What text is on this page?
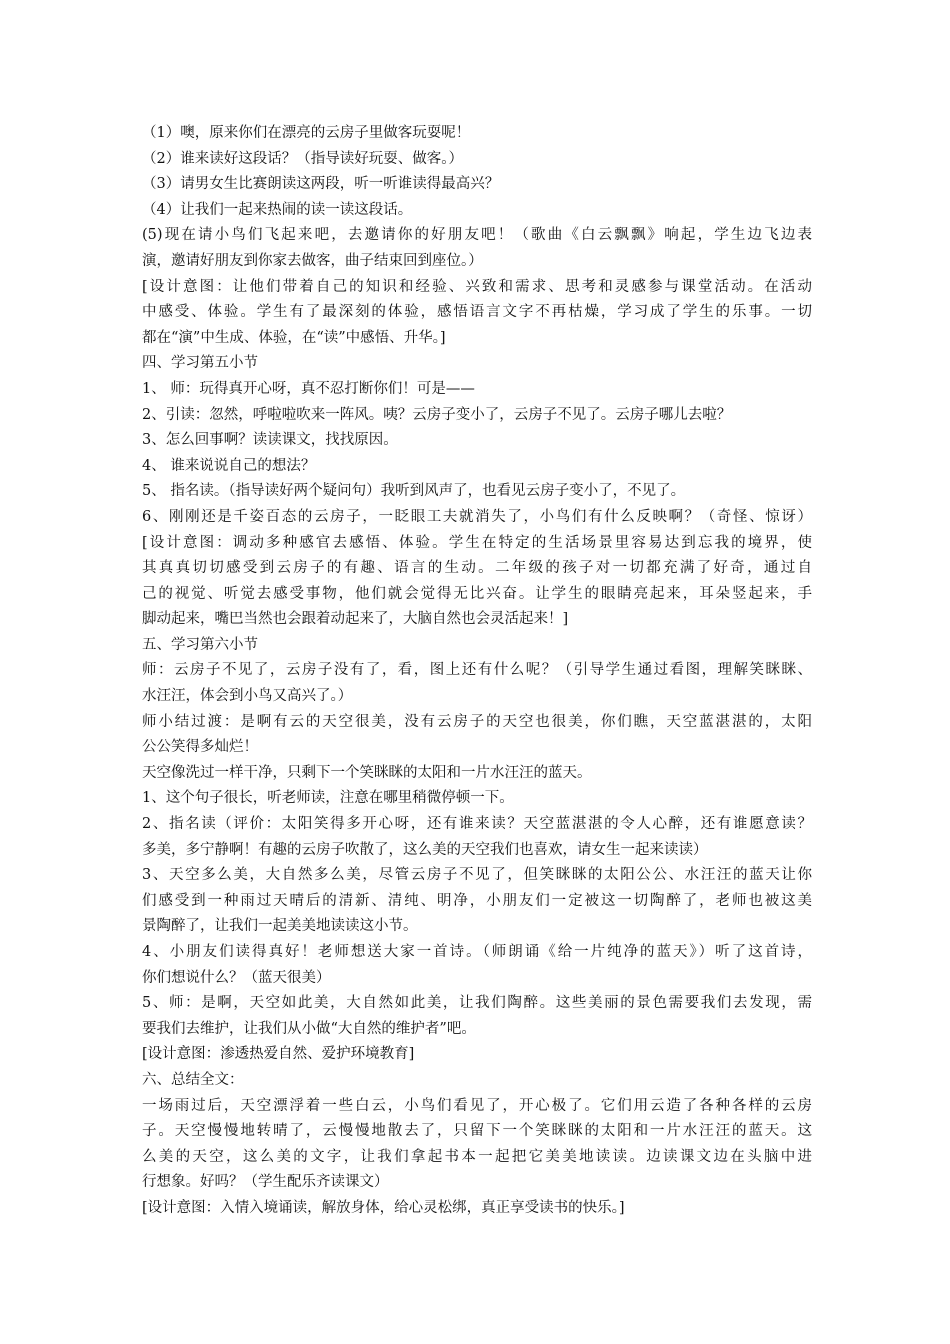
（1）噢，原来你们在漂亮的云房子里做客玩耍呢！
（2）谁来读好这段话？（指导读好玩耍、做客。）
（3）请男女生比赛朗读这两段，听一听谁读得最高兴？
（4）让我们一起来热闹的读一读这段话。
(5)现在请小鸟们飞起来吧，去邀请你的好朋友吧！（歌曲《白云飘飘》响起，学生边飞边表
演，邀请好朋友到你家去做客，曲子结束回到座位。）
[设计意图：让他们带着自己的知识和经验、兴致和需求、思考和灵感参与课堂活动。在活动
中感受、体验。学生有了最深刻的体验，感悟语言文字不再枯燥，学习成了学生的乐事。一切
都在“演”中生成、体验，在“读”中感悟、升华。]
四、学习第五小节
1、 师：玩得真开心呀，真不忍打断你们！可是——
2、引读：忽然，呼啦啦吹来一阵风。咦？云房子变小了，云房子不见了。云房子哪儿去啦？
3、怎么回事啊？读读课文，找找原因。
4、 谁来说说自己的想法？
5、 指名读。（指导读好两个疑问句）我听到风声了，也看见云房子变小了，不见了。
6、刚刚还是千姿百态的云房子，一眨眼工夫就消失了，小鸟们有什么反映啊？（奇怪、惊讶）
[设计意图：调动多种感官去感悟、体验。学生在特定的生活场景里容易达到忘我的境界，使
其真真切切感受到云房子的有趣、语言的生动。二年级的孩子对一切都充满了好奇，通过自
己的视觉、听觉去感受事物，他们就会觉得无比兴奋。让学生的眼睛亮起来，耳朵竖起来，手
脚动起来，嘴巴当然也会跟着动起来了，大脑自然也会灵活起来！]
五、学习第六小节
师：云房子不见了，云房子没有了，看，图上还有什么呢？（引导学生通过看图，理解笑眯眯、
水汪汪，体会到小鸟又高兴了。）
师小结过渡：是啊有云的天空很美，没有云房子的天空也很美，你们瞧，天空蓝湛湛的，太阳
公公笑得多灿烂！
天空像洗过一样干净，只剩下一个笑眯眯的太阳和一片水汪汪的蓝天。
1、这个句子很长，听老师读，注意在哪里稍微停顿一下。
2、指名读（评价：太阳笑得多开心呀，还有谁来读？天空蓝湛湛的令人心醉，还有谁愿意读？
多美，多宁静啊！有趣的云房子吹散了，这么美的天空我们也喜欢，请女生一起来读读）
3、天空多么美，大自然多么美，尽管云房子不见了，但笑眯眯的太阳公公、水汪汪的蓝天让你
们感受到一种雨过天晴后的清新、清纯、明净，小朋友们一定被这一切陶醉了，老师也被这美
景陶醉了，让我们一起美美地读读这小节。
4、小朋友们读得真好！老师想送大家一首诗。（师朗诵《给一片纯净的蓝天》）听了这首诗，
你们想说什么？（蓝天很美）
5、师：是啊，天空如此美，大自然如此美，让我们陶醉。这些美丽的景色需要我们去发现，需
要我们去维护，让我们从小做“大自然的维护者”吧。
[设计意图：渗透热爱自然、爱护环境教育]
六、总结全文：
一场雨过后，天空漂浮着一些白云，小鸟们看见了，开心极了。它们用云造了各种各样的云房
子。天空慢慢地转晴了，云慢慢地散去了，只留下一个笑眯眯的太阳和一片水汪汪的蓝天。这
么美的天空，这么美的文字，让我们拿起书本一起把它美美地读读。边读课文边在头脑中进
行想象。好吗？（学生配乐齐读课文）
[设计意图：入情入境诵读，解放身体，给心灵松绑，真正享受读书的快乐。]
